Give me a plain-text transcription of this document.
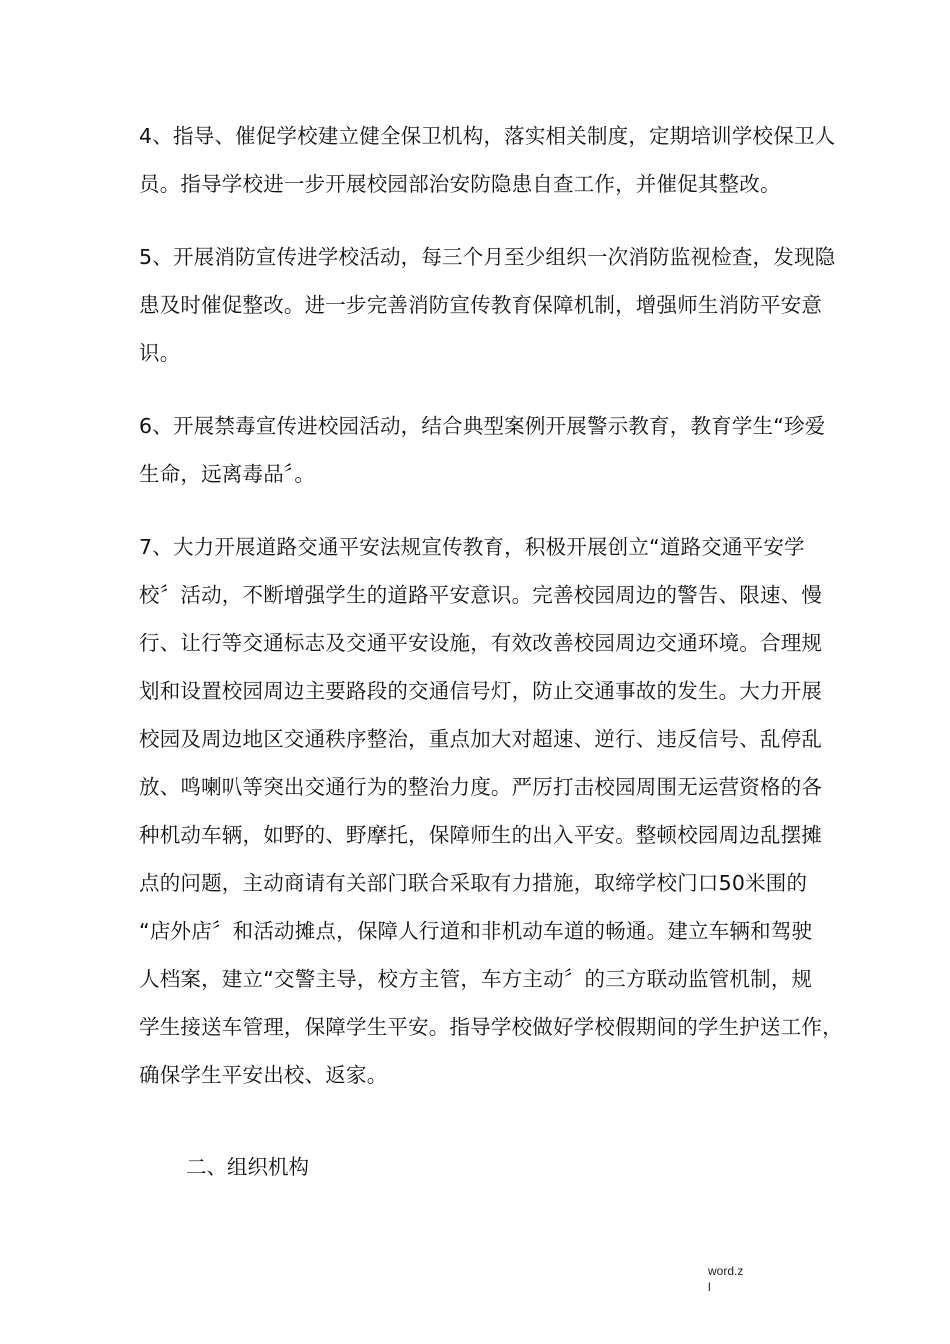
4、指导、催促学校建立健全保卫机构，落实相关制度，定期培训学校保卫人
员。指导学校进一步开展校园部治安防隐患自查工作，并催促其整改。

5、开展消防宣传进学校活动，每三个月至少组织一次消防监视检查，发现隐
患及时催促整改。进一步完善消防宣传教育保障机制，增强师生消防平安意
识。

6、开展禁毒宣传进校园活动，结合典型案例开展警示教育，教育学生“珍爱
生命，远离毒品〞。

7、大力开展道路交通平安法规宣传教育，积极开展创立“道路交通平安学
校〞活动，不断增强学生的道路平安意识。完善校园周边的警告、限速、慢
行、让行等交通标志及交通平安设施，有效改善校园周边交通环境。合理规
划和设置校园周边主要路段的交通信号灯，防止交通事故的发生。大力开展
校园及周边地区交通秩序整治，重点加大对超速、逆行、违反信号、乱停乱
放、鸣喇叭等突出交通行为的整治力度。严厉打击校园周围无运营资格的各
种机动车辆，如野的、野摩托，保障师生的出入平安。整顿校园周边乱摆摊
点的问题，主动商请有关部门联合采取有力措施，取缔学校门口50米围的
“店外店〞和活动摊点，保障人行道和非机动车道的畅通。建立车辆和驾驶
人档案，建立“交警主导，校方主管，车方主动〞的三方联动监管机制，规
学生接送车管理，保障学生平安。指导学校做好学校假期间的学生护送工作，
确保学生平安出校、返家。

二、组织机构
word.z
l
